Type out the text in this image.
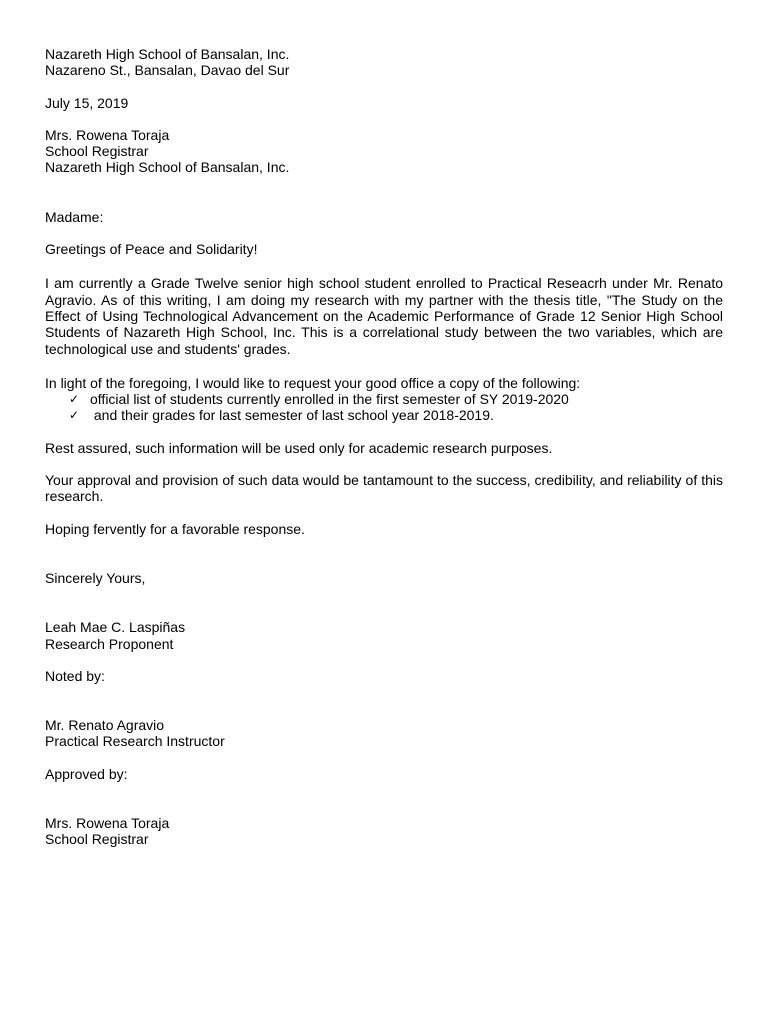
Nazareth High School of Bansalan, Inc.
Nazareno St., Bansalan, Davao del Sur
July 15, 2019
Mrs. Rowena Toraja
School Registrar
Nazareth High School of Bansalan, Inc.
Madame:
Greetings of Peace and Solidarity!
I am currently a Grade Twelve senior high school student enrolled to Practical Reseacrh under Mr. Renato Agravio. As of this writing, I am doing my research with my partner with the thesis title, "The Study on the Effect of Using Technological Advancement on the Academic Performance of Grade 12 Senior High School Students of Nazareth High School, Inc. This is a correlational study between the two variables, which are technological use and students' grades.
In light of the foregoing, I would like to request your good office a copy of the following:
✓ official list of students currently enrolled in the first semester of SY 2019-2020
✓ and their grades for last semester of last school year 2018-2019.
Rest assured, such information will be used only for academic research purposes.
Your approval and provision of such data would be tantamount to the success, credibility, and reliability of this research.
Hoping fervently for a favorable response.
Sincerely Yours,
Leah Mae C. Laspiñas
Research Proponent
Noted by:
Mr. Renato Agravio
Practical Research Instructor
Approved by:
Mrs. Rowena Toraja
School Registrar
